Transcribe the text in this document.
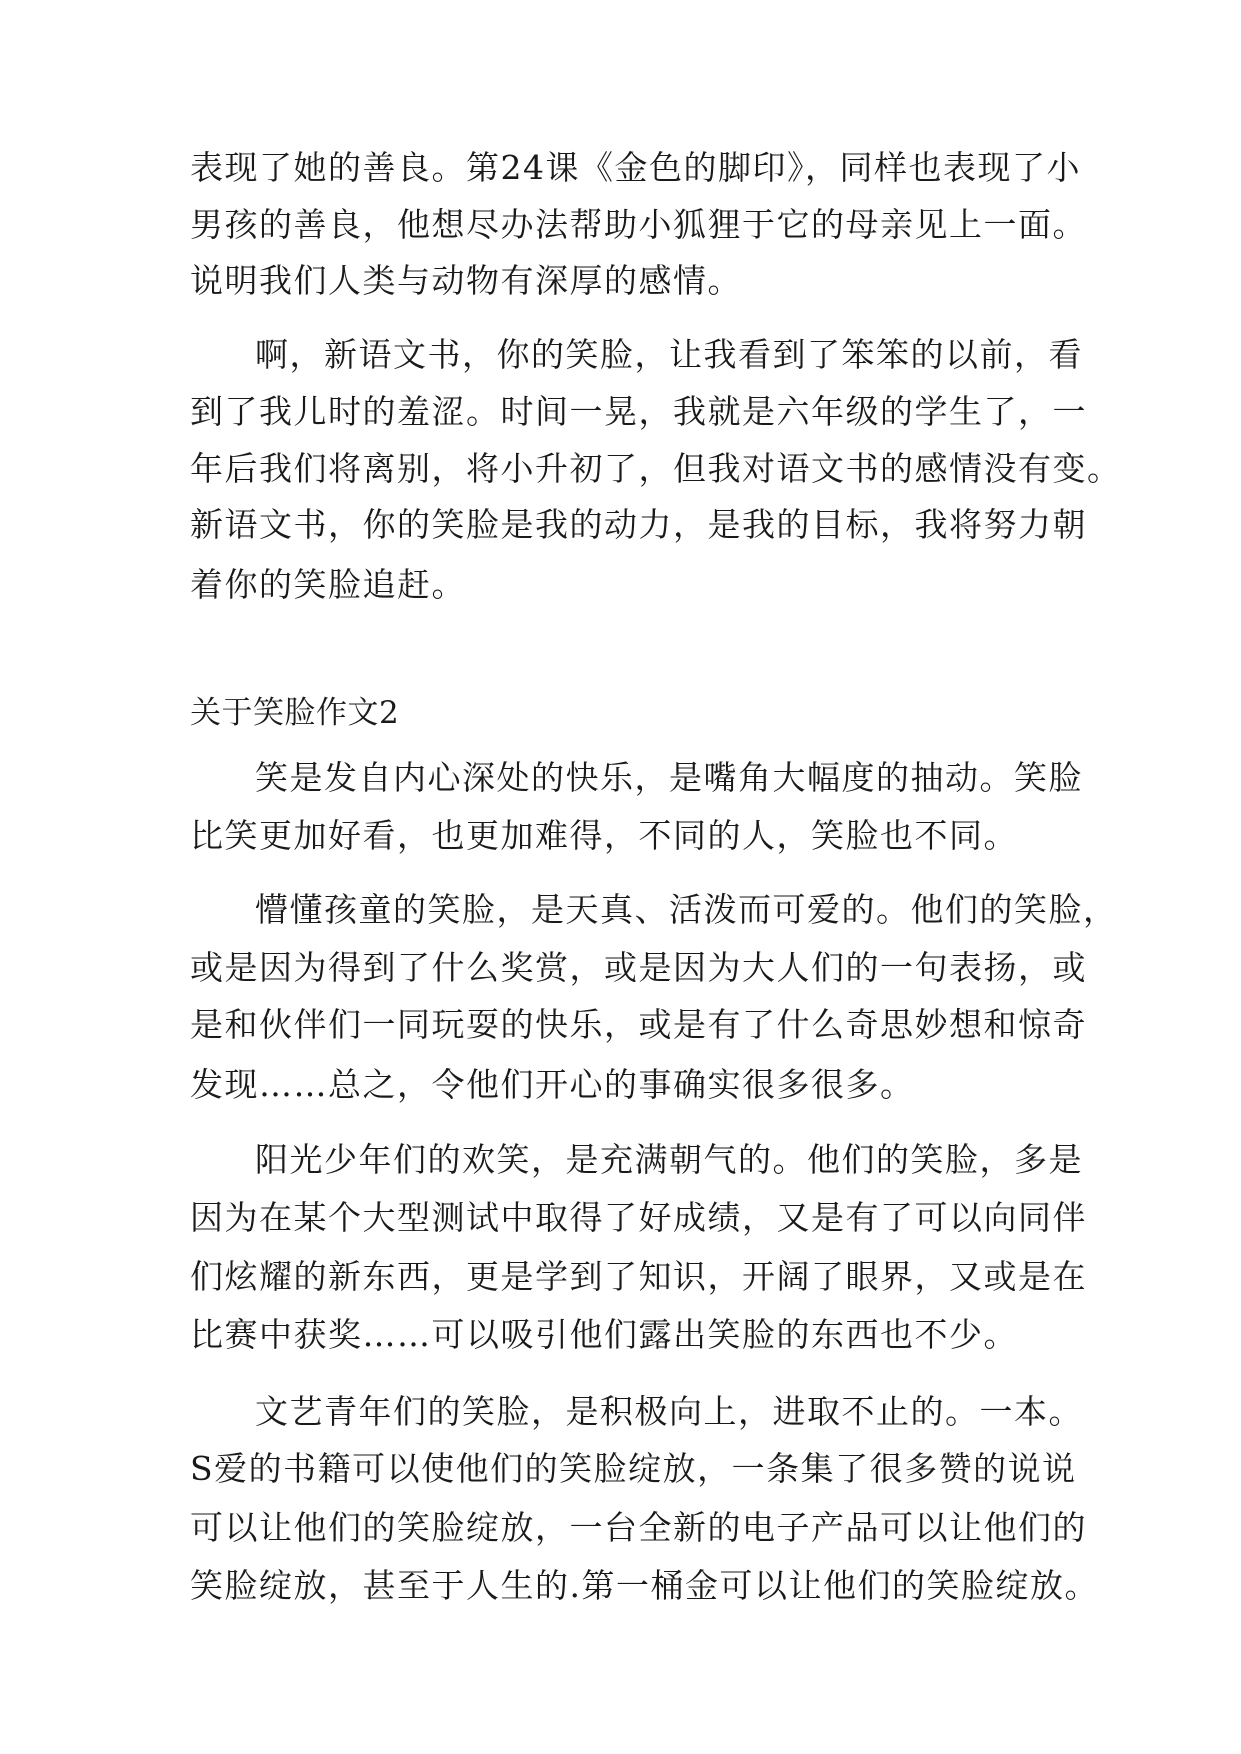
表现了她的善良。第24课《金色的脚印》，同样也表现了小
男孩的善良，他想尽办法帮助小狐狸于它的母亲见上一面。
说明我们人类与动物有深厚的感情。
啊，新语文书，你的笑脸，让我看到了笨笨的以前，看
到了我儿时的羞涩。时间一晃，我就是六年级的学生了，一
年后我们将离别，将小升初了，但我对语文书的感情没有变。
新语文书，你的笑脸是我的动力，是我的目标，我将努力朝
着你的笑脸追赶。
关于笑脸作文2
笑是发自内心深处的快乐，是嘴角大幅度的抽动。笑脸
比笑更加好看，也更加难得，不同的人，笑脸也不同。
懵懂孩童的笑脸，是天真、活泼而可爱的。他们的笑脸，
或是因为得到了什么奖赏，或是因为大人们的一句表扬，或
是和伙伴们一同玩耍的快乐，或是有了什么奇思妙想和惊奇
发现……总之，令他们开心的事确实很多很多。
阳光少年们的欢笑，是充满朝气的。他们的笑脸，多是
因为在某个大型测试中取得了好成绩，又是有了可以向同伴
们炫耀的新东西，更是学到了知识，开阔了眼界，又或是在
比赛中获奖……可以吸引他们露出笑脸的东西也不少。
文艺青年们的笑脸，是积极向上，进取不止的。一本。
S爱的书籍可以使他们的笑脸绽放，一条集了很多赞的说说
可以让他们的笑脸绽放，一台全新的电子产品可以让他们的
笑脸绽放，甚至于人生的.第一桶金可以让他们的笑脸绽放。
